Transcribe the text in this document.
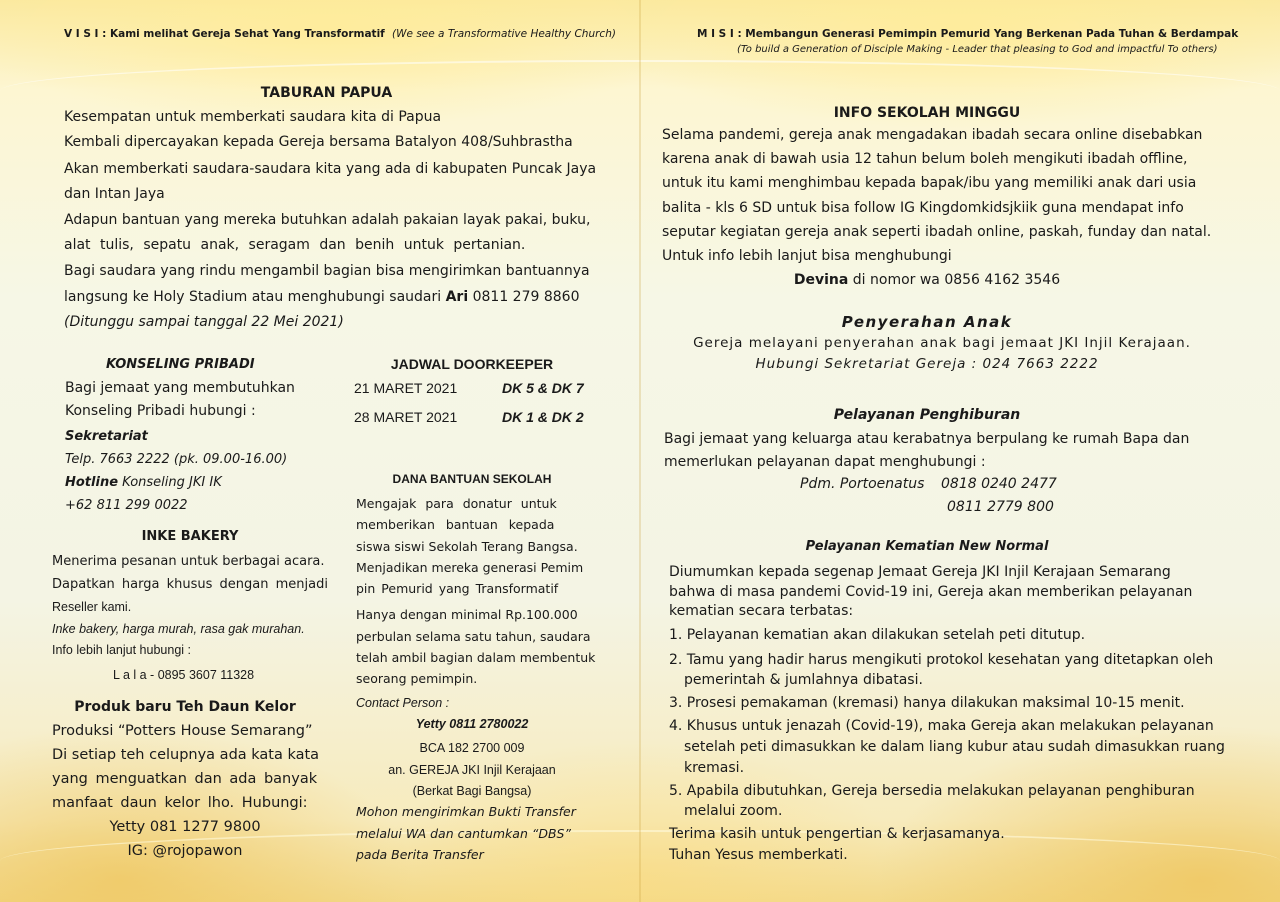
V I S I : Kami melihat Gereja Sehat Yang Transformatif (We see a Transformative Healthy Church)
TABURAN PAPUA
Kesempatan untuk memberkati saudara kita di Papua
Kembali dipercayakan kepada Gereja bersama Batalyon 408/Suhbrastha
Akan memberkati saudara-saudara kita yang ada di kabupaten Puncak Jaya
dan Intan Jaya
Adapun bantuan yang mereka butuhkan adalah pakaian layak pakai, buku,
alat tulis, sepatu anak, seragam dan benih untuk pertanian.
Bagi saudara yang rindu mengambil bagian bisa mengirimkan bantuannya
langsung ke Holy Stadium atau menghubungi saudari Ari 0811 279 8860
(Ditunggu sampai tanggal 22 Mei 2021)
KONSELING PRIBADI
Bagi jemaat yang membutuhkan
Konseling Pribadi hubungi :
Sekretariat
Telp. 7663 2222 (pk. 09.00-16.00)
Hotline Konseling JKI IK
+62 811 299 0022
INKE BAKERY
Menerima pesanan untuk berbagai acara.
Dapatkan harga khusus dengan menjadi
Reseller kami.
Inke bakery, harga murah, rasa gak murahan.
Info lebih lanjut hubungi :
L a l a - 0895 3607 11328
Produk baru Teh Daun Kelor
Produksi “Potters House Semarang”
Di setiap teh celupnya ada kata kata
yang menguatkan dan ada banyak
manfaat daun kelor lho. Hubungi:
Yetty 081 1277 9800
IG: @rojopawon
JADWAL DOORKEEPER
21 MARET 2021	DK 5 & DK 7
28 MARET 2021	DK 1 & DK 2
DANA BANTUAN SEKOLAH
Mengajak para donatur untuk
memberikan bantuan kepada
siswa siswi Sekolah Terang Bangsa.
Menjadikan mereka generasi Pemim
pin Pemurid yang Transformatif
Hanya dengan minimal Rp.100.000
perbulan selama satu tahun, saudara
telah ambil bagian dalam membentuk
seorang pemimpin.
Contact Person :
Yetty 0811 2780022
BCA 182 2700 009
an. GEREJA JKI Injil Kerajaan
(Berkat Bagi Bangsa)
Mohon mengirimkan Bukti Transfer
melalui WA dan cantumkan “DBS”
pada Berita Transfer
M I S I : Membangun Generasi Pemimpin Pemurid Yang Berkenan Pada Tuhan & Berdampak
(To build a Generation of Disciple Making - Leader that pleasing to God and impactful To others)
INFO SEKOLAH MINGGU
Selama pandemi, gereja anak mengadakan ibadah secara online disebabkan
karena anak di bawah usia 12 tahun belum boleh mengikuti ibadah offline,
untuk itu kami menghimbau kepada bapak/ibu yang memiliki anak dari usia
balita - kls 6 SD untuk bisa follow IG Kingdomkidsjkiik guna mendapat info
seputar kegiatan gereja anak seperti ibadah online, paskah, funday dan natal.
Untuk info lebih lanjut bisa menghubungi
Devina di nomor wa 0856 4162 3546
Penyerahan Anak
Gereja melayani penyerahan anak bagi jemaat JKI Injil Kerajaan.
Hubungi Sekretariat Gereja : 024 7663 2222
Pelayanan Penghiburan
Bagi jemaat yang keluarga atau kerabatnya berpulang ke rumah Bapa dan
memerlukan pelayanan dapat menghubungi :
Pdm. Portoenatus 0818 0240 2477
0811 2779 800
Pelayanan Kematian New Normal
Diumumkan kepada segenap Jemaat Gereja JKI Injil Kerajaan Semarang
bahwa di masa pandemi Covid-19 ini, Gereja akan memberikan pelayanan
kematian secara terbatas:
1. Pelayanan kematian akan dilakukan setelah peti ditutup.
2. Tamu yang hadir harus mengikuti protokol kesehatan yang ditetapkan oleh
pemerintah & jumlahnya dibatasi.
3. Prosesi pemakaman (kremasi) hanya dilakukan maksimal 10-15 menit.
4. Khusus untuk jenazah (Covid-19), maka Gereja akan melakukan pelayanan
setelah peti dimasukkan ke dalam liang kubur atau sudah dimasukkan ruang
kremasi.
5. Apabila dibutuhkan, Gereja bersedia melakukan pelayanan penghiburan
melalui zoom.
Terima kasih untuk pengertian & kerjasamanya.
Tuhan Yesus memberkati.
